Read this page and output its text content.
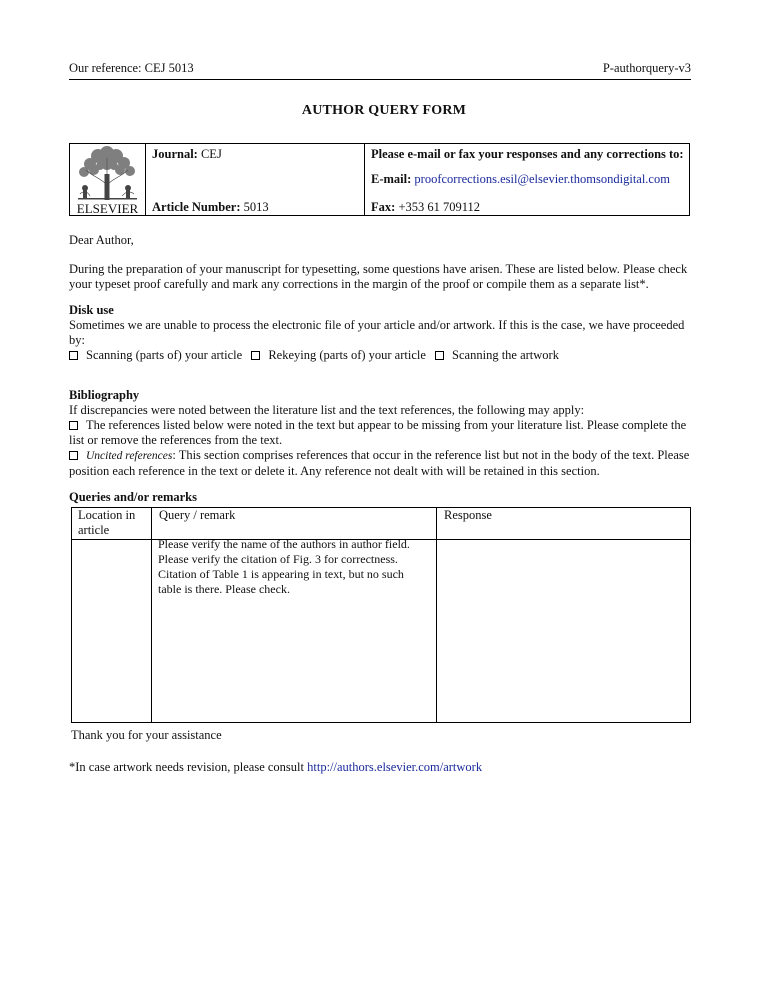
Our reference: CEJ 5013	P-authorquery-v3
AUTHOR QUERY FORM
ELSEVIER
Journal: CEJ
Article Number: 5013
Please e-mail or fax your responses and any corrections to:
E-mail: proofcorrections.esil@elsevier.thomsondigital.com
Fax: +353 61 709112
Dear Author,
During the preparation of your manuscript for typesetting, some questions have arisen. These are listed below. Please check your typeset proof carefully and mark any corrections in the margin of the proof or compile them as a separate list*.
Disk use
Sometimes we are unable to process the electronic file of your article and/or artwork. If this is the case, we have proceeded by:
Scanning (parts of) your article Rekeying (parts of) your article Scanning the artwork
Bibliography
If discrepancies were noted between the literature list and the text references, the following may apply:
The references listed below were noted in the text but appear to be missing from your literature list. Please complete the list or remove the references from the text.
Uncited references: This section comprises references that occur in the reference list but not in the body of the text. Please position each reference in the text or delete it. Any reference not dealt with will be retained in this section.
Queries and/or remarks
Location in article
Query / remark	Response
Please verify the name of the authors in author field.
Please verify the citation of Fig. 3 for correctness.
Citation of Table 1 is appearing in text, but no such
table is there. Please check.
Thank you for your assistance
*In case artwork needs revision, please consult http://authors.elsevier.com/artwork
